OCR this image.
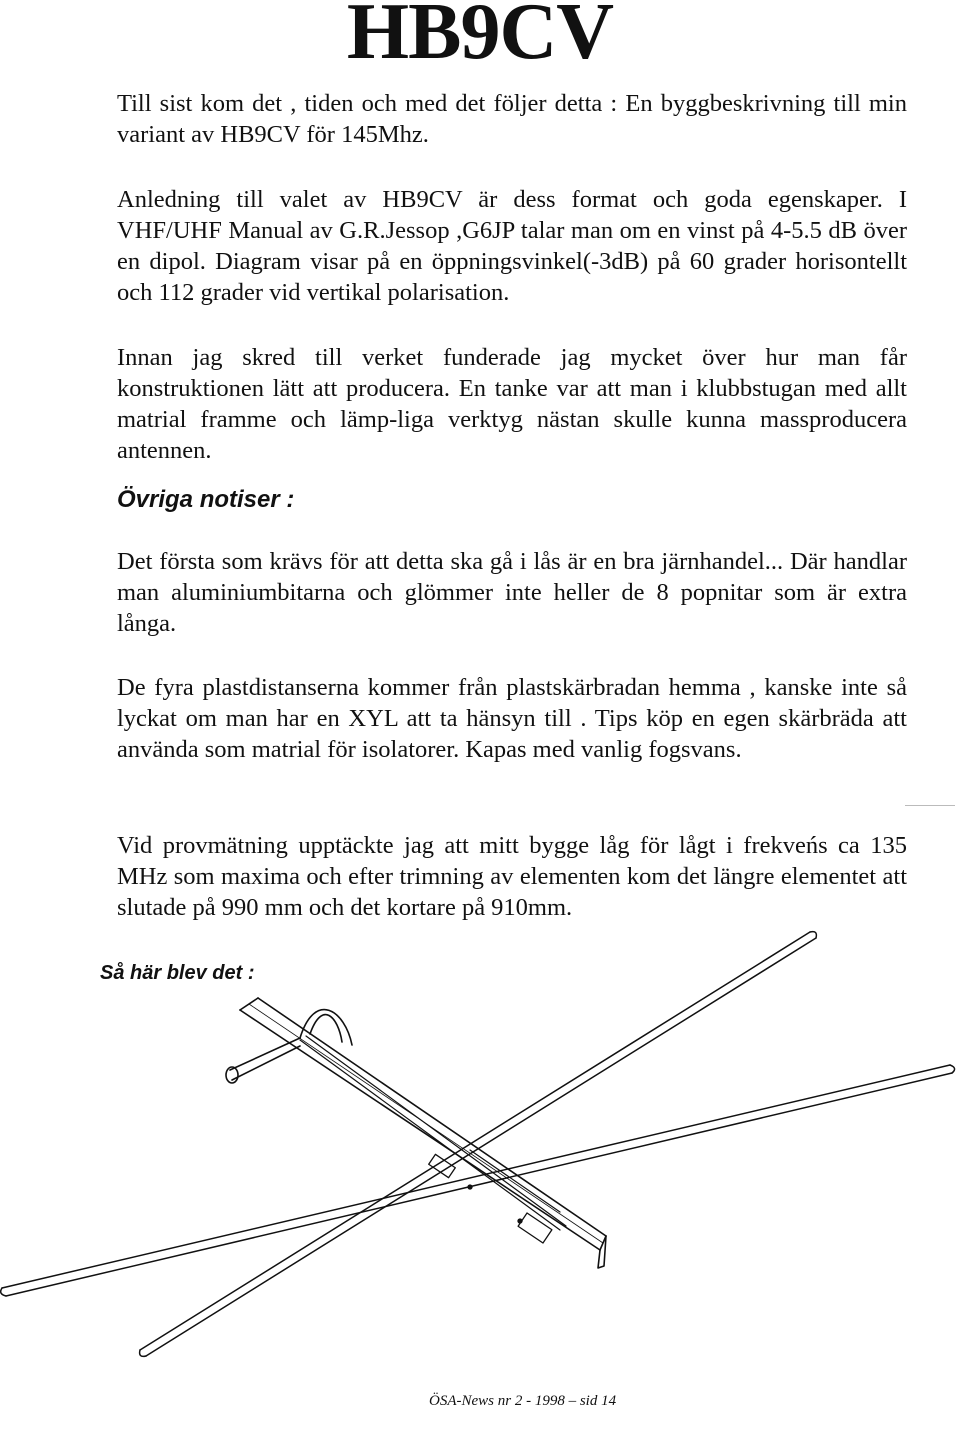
HB9CV

Till sist kom det , tiden och med det följer detta : En byggbeskrivning till min variant av HB9CV för 145Mhz.

Anledning till valet av HB9CV är dess format och goda egenskaper. I VHF/UHF Manual av G.R.Jessop ,G6JP talar man om en vinst på 4-5.5 dB över en dipol. Diagram visar på en öppningsvinkel(-3dB) på 60 grader horisontellt och 112 grader vid vertikal polarisation.

Innan jag skred till verket funderade jag mycket över hur man får konstruktionen lätt att producera. En tanke var att man i klubbstugan med allt matrial framme och lämp-liga verktyg nästan skulle kunna massproducera antennen.

Övriga notiser :

Det första som krävs för att detta ska gå i lås är en bra järnhandel... Där handlar man aluminiumbitarna och glömmer inte heller de 8 popnitar som är extra långa.

De fyra plastdistanserna kommer från plastskärbradan hemma , kanske inte så lyckat om man har en XYL att ta hänsyn till . Tips köp en egen skärbräda att använda som matrial för isolatorer. Kapas med vanlig fogsvans.

Vid provmätning upptäckte jag att mitt bygge låg för lågt i frekveńs ca 135 MHz som maxima och efter trimning av elementen kom det längre elementet att slutade på 990 mm och det kortare på 910mm.

Så här blev det :

ÖSA-News nr 2 - 1998 – sid 14
